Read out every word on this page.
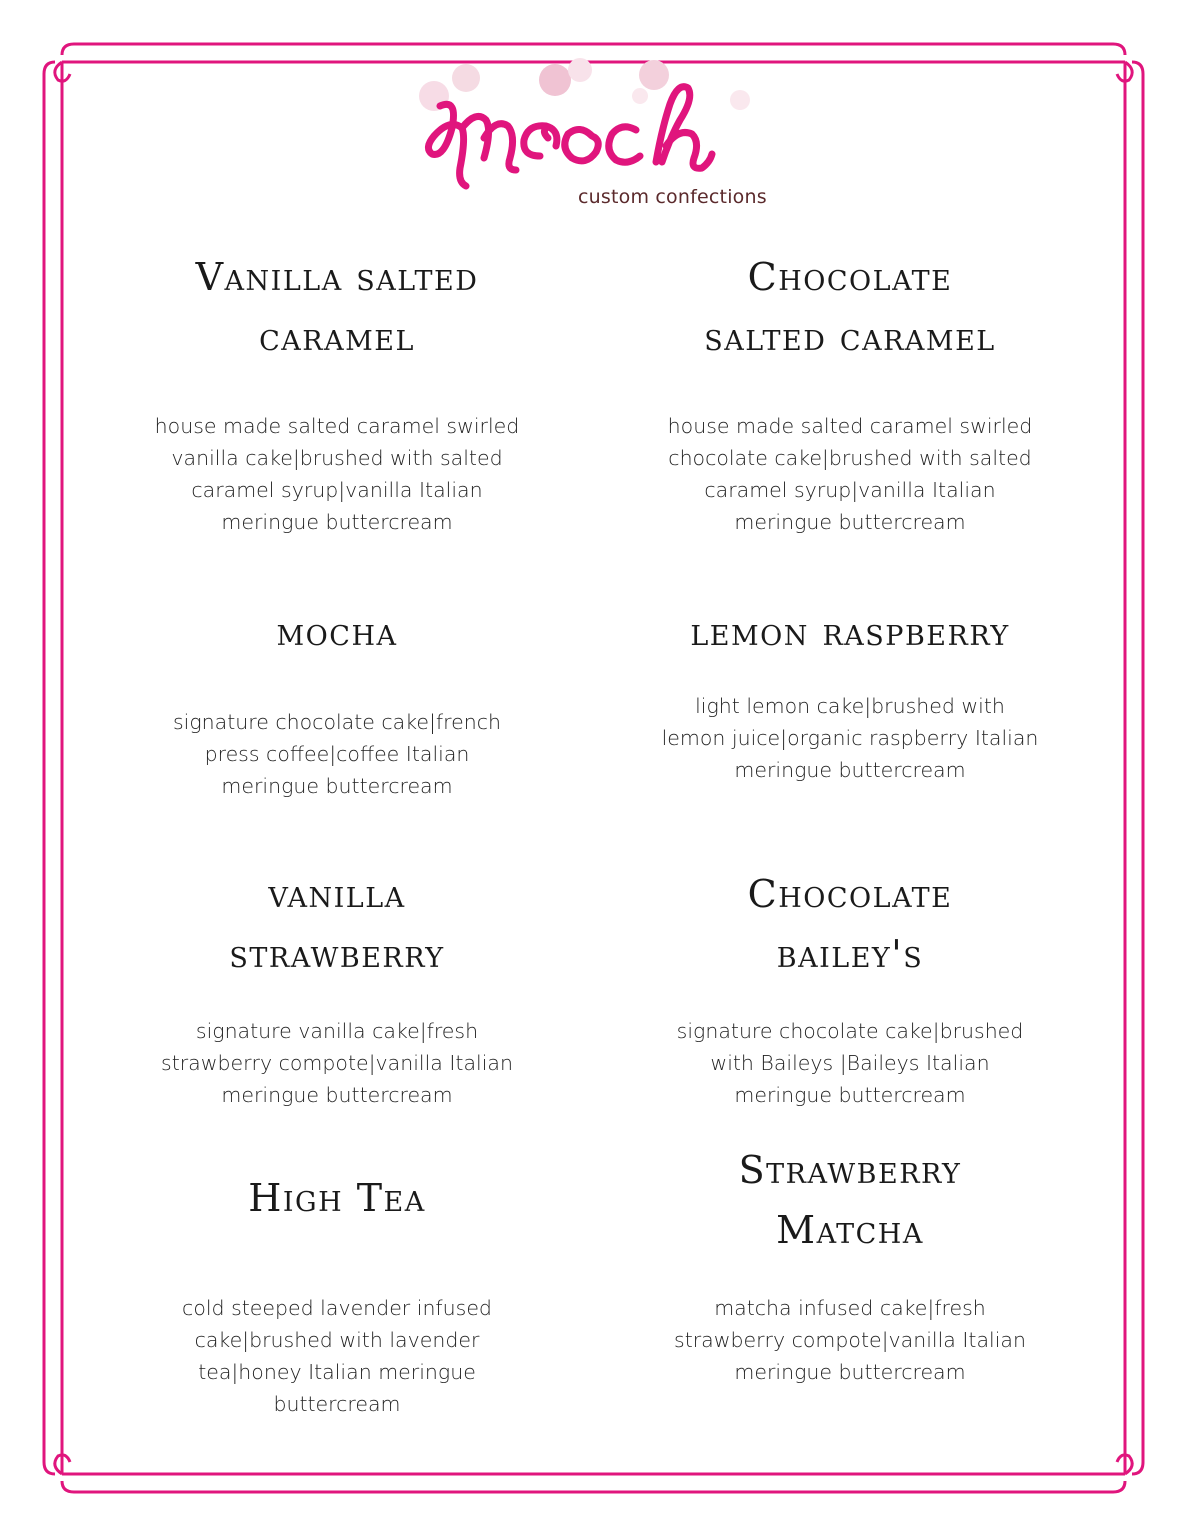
custom confections
Vanilla salted
caramel
house made salted caramel swirled
vanilla cake|brushed with salted
caramel syrup|vanilla Italian
meringue buttercream
Chocolate
salted caramel
house made salted caramel swirled
chocolate cake|brushed with salted
caramel syrup|vanilla Italian
meringue buttercream
mocha
signature chocolate cake|french
press coffee|coffee Italian
meringue buttercream
lemon raspberry
light lemon cake|brushed with
lemon juice|organic raspberry Italian
meringue buttercream
vanilla
strawberry
signature vanilla cake|fresh
strawberry compote|vanilla Italian
meringue buttercream
Chocolate
bailey's
signature chocolate cake|brushed
with Baileys |Baileys Italian
meringue buttercream
High Tea
cold steeped lavender infused
cake|brushed with lavender
tea|honey Italian meringue
buttercream
Strawberry
Matcha
matcha infused cake|fresh
strawberry compote|vanilla Italian
meringue buttercream
